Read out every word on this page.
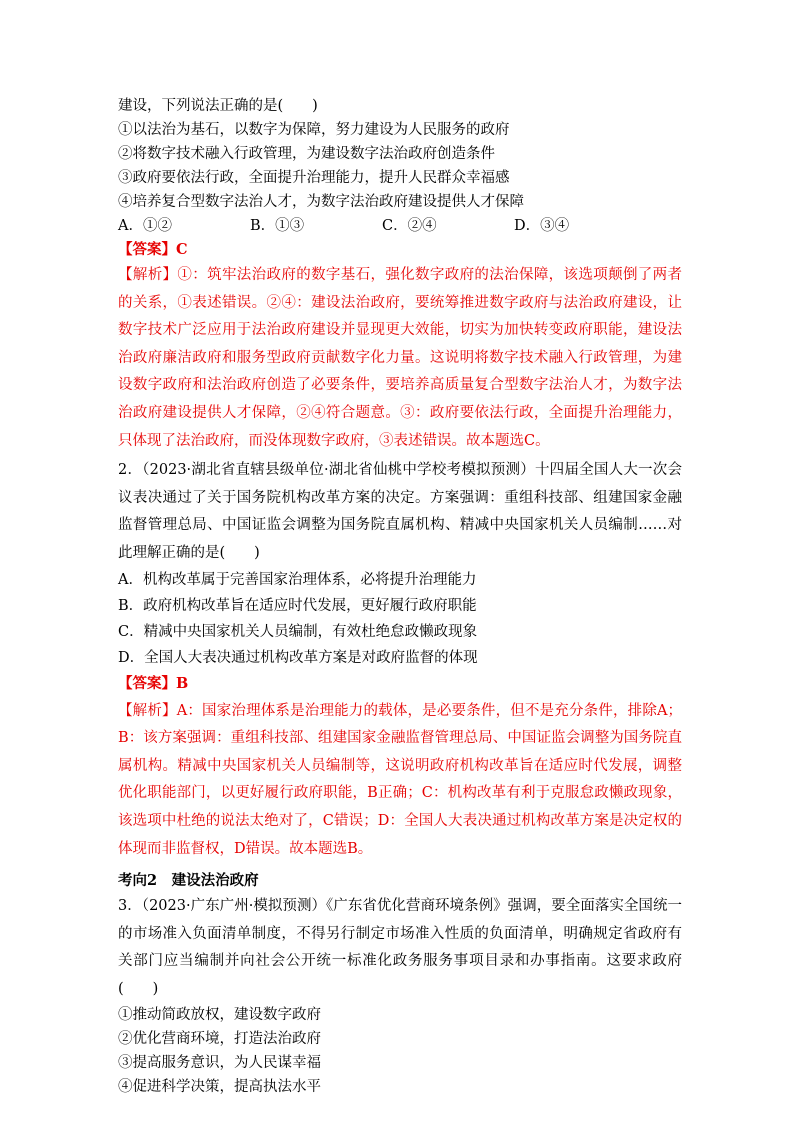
建设，下列说法正确的是(　　)
①以法治为基石，以数字为保障，努力建设为人民服务的政府
②将数字技术融入行政管理，为建设数字法治政府创造条件
③政府要依法行政，全面提升治理能力，提升人民群众幸福感
④培养复合型数字法治人才，为数字法治政府建设提供人才保障
A．①②	B．①③	C．②④	D．③④
【答案】C
【解析】①：筑牢法治政府的数字基石，强化数字政府的法治保障，该选项颠倒了两者的关系，①表述错误。②④：建设法治政府，要统筹推进数字政府与法治政府建设，让数字技术广泛应用于法治政府建设并显现更大效能，切实为加快转变政府职能，建设法治政府廉洁政府和服务型政府贡献数字化力量。这说明将数字技术融入行政管理，为建设数字政府和法治政府创造了必要条件，要培养高质量复合型数字法治人才，为数字法治政府建设提供人才保障，②④符合题意。③：政府要依法行政，全面提升治理能力，只体现了法治政府，而没体现数字政府，③表述错误。故本题选C。
2．（2023·湖北省直辖县级单位·湖北省仙桃中学校考模拟预测）十四届全国人大一次会议表决通过了关于国务院机构改革方案的决定。方案强调：重组科技部、组建国家金融监督管理总局、中国证监会调整为国务院直属机构、精减中央国家机关人员编制……对此理解正确的是(　　)
A．机构改革属于完善国家治理体系，必将提升治理能力
B．政府机构改革旨在适应时代发展，更好履行政府职能
C．精减中央国家机关人员编制，有效杜绝怠政懒政现象
D．全国人大表决通过机构改革方案是对政府监督的体现
【答案】B
【解析】A：国家治理体系是治理能力的载体，是必要条件，但不是充分条件，排除A；B：该方案强调：重组科技部、组建国家金融监督管理总局、中国证监会调整为国务院直属机构。精减中央国家机关人员编制等，这说明政府机构改革旨在适应时代发展，调整优化职能部门，以更好履行政府职能，B正确；C：机构改革有利于克服怠政懒政现象，该选项中杜绝的说法太绝对了，C错误；D：全国人大表决通过机构改革方案是决定权的体现而非监督权，D错误。故本题选B。
考向2　建设法治政府
3．（2023·广东广州·模拟预测）《广东省优化营商环境条例》强调，要全面落实全国统一的市场准入负面清单制度，不得另行制定市场准入性质的负面清单，明确规定省政府有关部门应当编制并向社会公开统一标准化政务服务事项目录和办事指南。这要求政府(　　)
①推动简政放权，建设数字政府
②优化营商环境，打造法治政府
③提高服务意识，为人民谋幸福
④促进科学决策，提高执法水平
